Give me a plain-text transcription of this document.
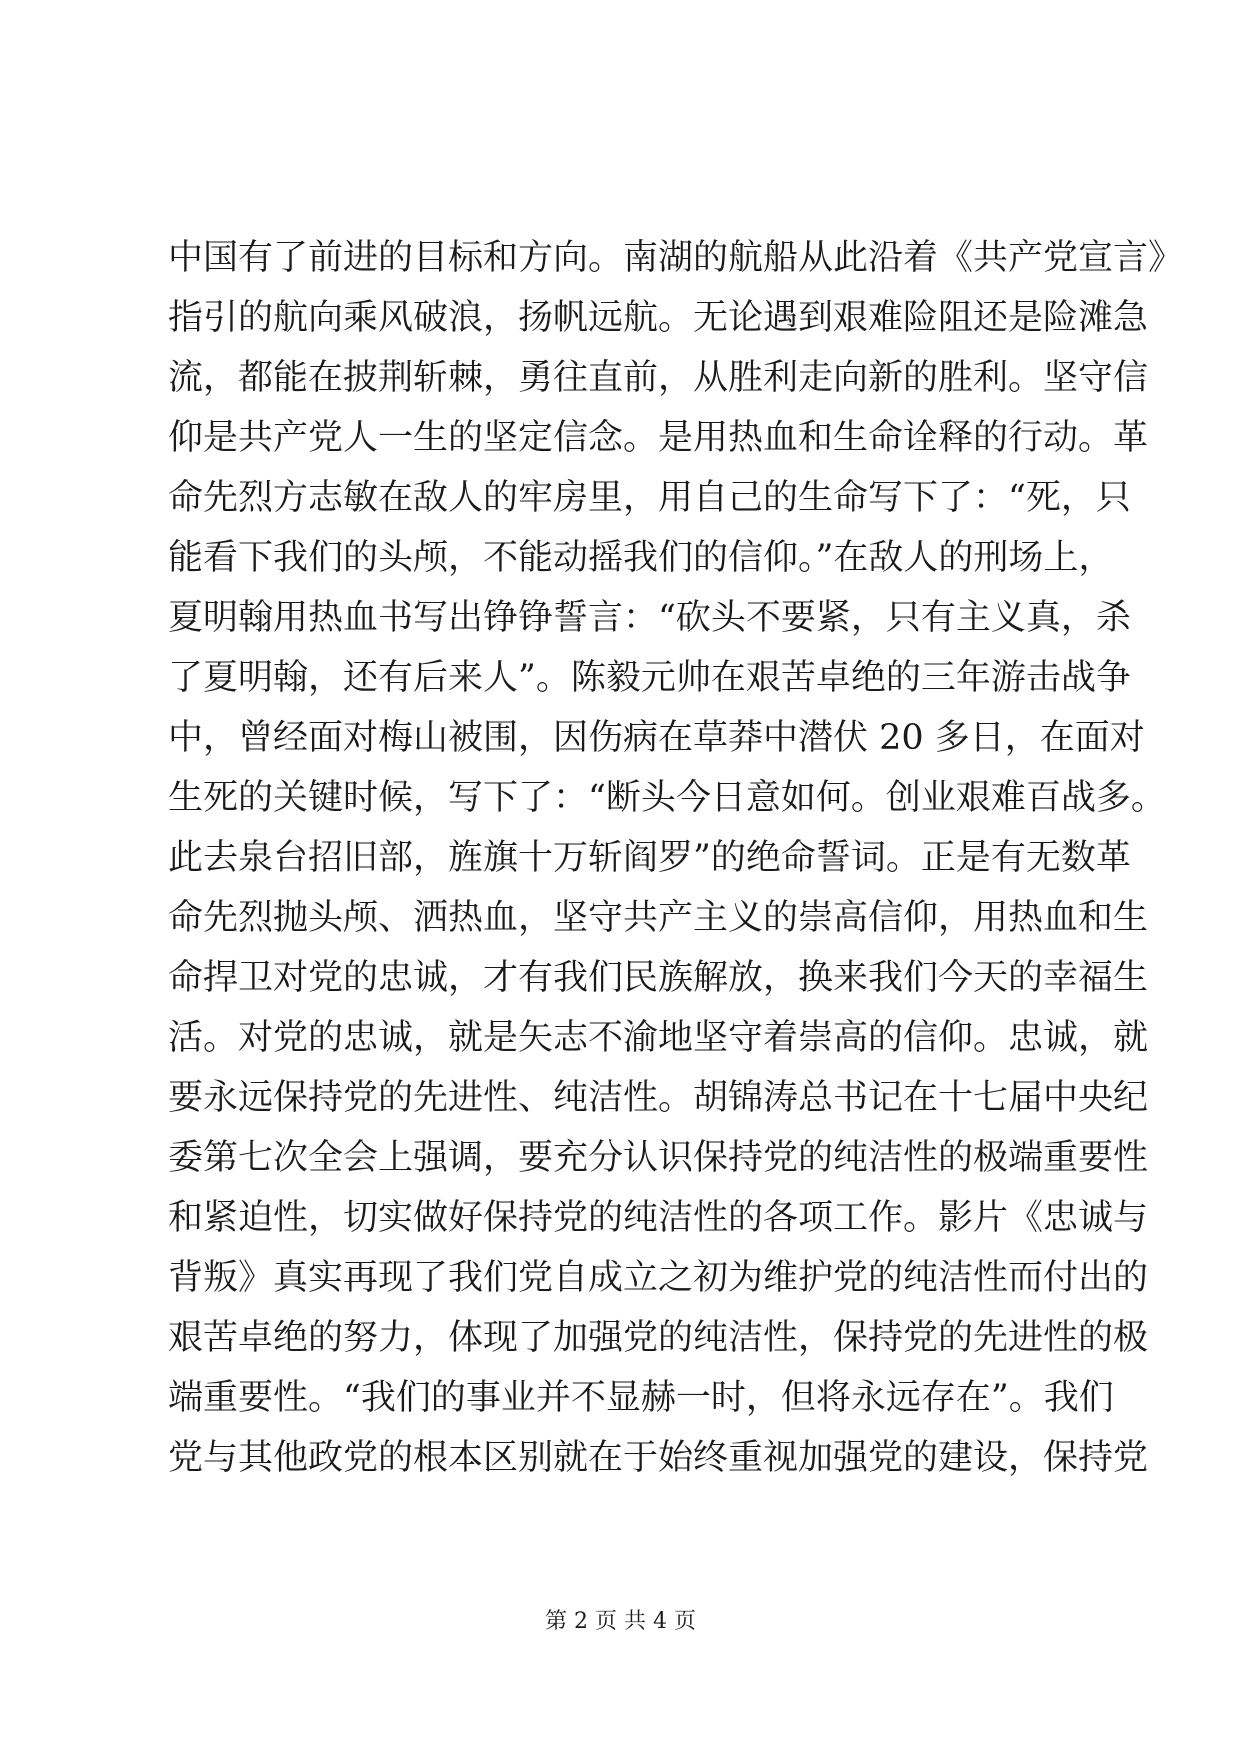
中国有了前进的目标和方向。南湖的航船从此沿着《共产党宣言》
指引的航向乘风破浪，扬帆远航。无论遇到艰难险阻还是险滩急
流，都能在披荆斩棘，勇往直前，从胜利走向新的胜利。坚守信
仰是共产党人一生的坚定信念。是用热血和生命诠释的行动。革
命先烈方志敏在敌人的牢房里，用自己的生命写下了：“死，只
能看下我们的头颅，不能动摇我们的信仰。”在敌人的刑场上，
夏明翰用热血书写出铮铮誓言：“砍头不要紧，只有主义真，杀
了夏明翰，还有后来人”。陈毅元帅在艰苦卓绝的三年游击战争
中，曾经面对梅山被围，因伤病在草莽中潜伏 20 多日，在面对
生死的关键时候，写下了：“断头今日意如何。创业艰难百战多。
此去泉台招旧部，旌旗十万斩阎罗”的绝命誓词。正是有无数革
命先烈抛头颅、洒热血，坚守共产主义的崇高信仰，用热血和生
命捍卫对党的忠诚，才有我们民族解放，换来我们今天的幸福生
活。对党的忠诚，就是矢志不渝地坚守着崇高的信仰。忠诚，就
要永远保持党的先进性、纯洁性。胡锦涛总书记在十七届中央纪
委第七次全会上强调，要充分认识保持党的纯洁性的极端重要性
和紧迫性，切实做好保持党的纯洁性的各项工作。影片《忠诚与
背叛》真实再现了我们党自成立之初为维护党的纯洁性而付出的
艰苦卓绝的努力，体现了加强党的纯洁性，保持党的先进性的极
端重要性。“我们的事业并不显赫一时，但将永远存在”。我们
党与其他政党的根本区别就在于始终重视加强党的建设，保持党
第 2 页 共 4 页
